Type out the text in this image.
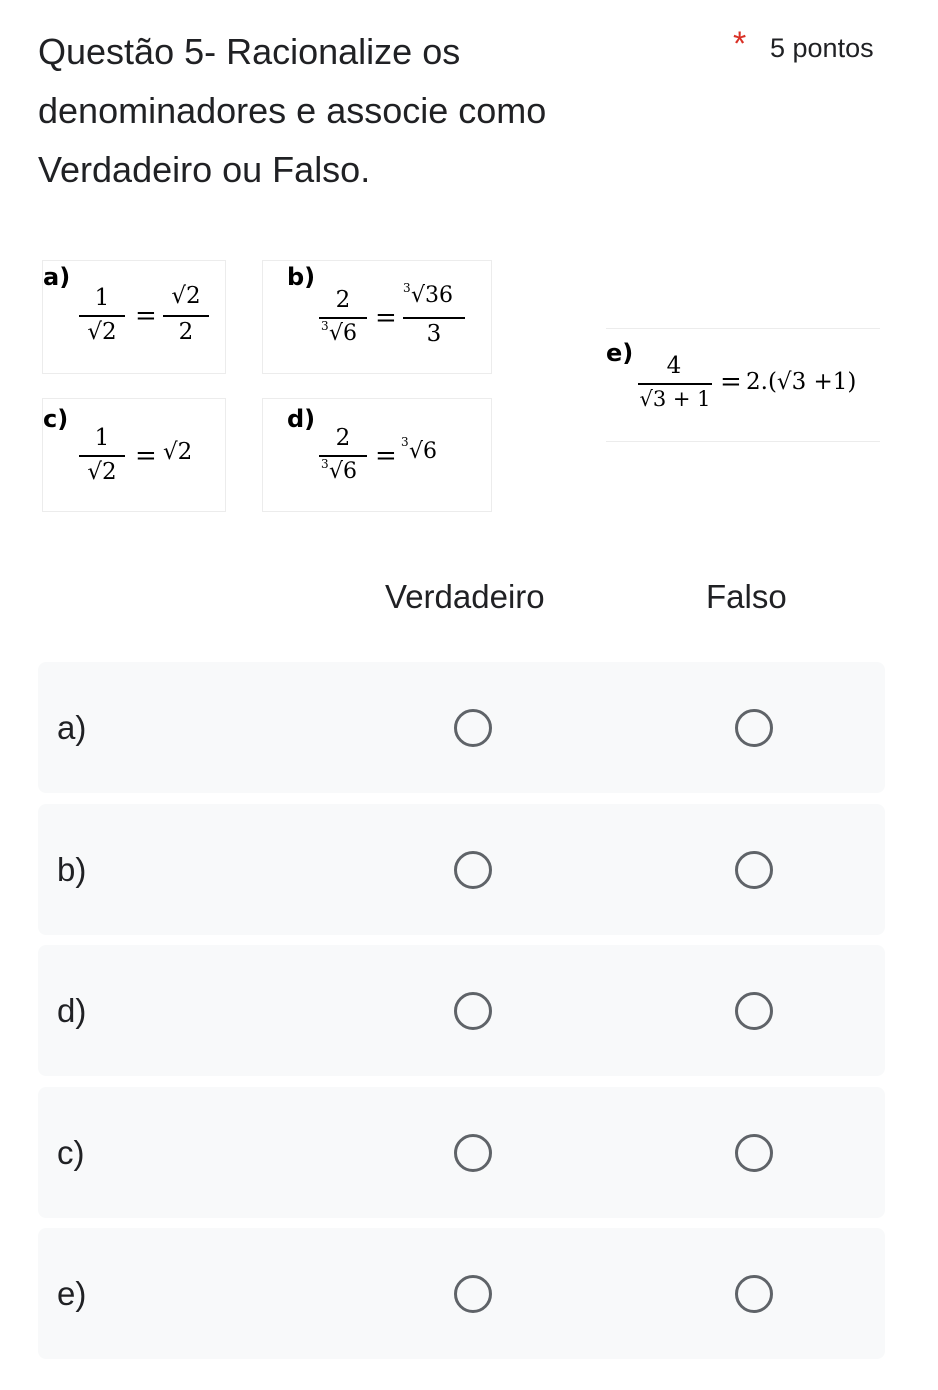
Questão 5- Racionalize os denominadores e associe como Verdadeiro ou Falso.
* 5 pontos
a)
1
√2
=
√2
2
b)
2
3 √6
=
3 √36
3
c)
1
√2
= √2
d)
2
3 √6
= 3 √6
e)	4
√3 + 1
= 2.(√3 +1)
Verdadeiro	Falso
a)
b)
d)
c)
e)
